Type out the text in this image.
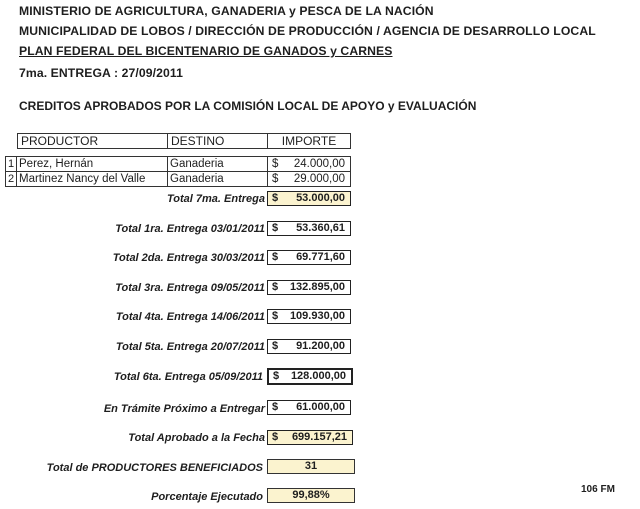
MINISTERIO DE AGRICULTURA, GANADERIA y PESCA DE LA NACIÓN
MUNICIPALIDAD DE LOBOS / DIRECCIÓN DE PRODUCCIÓN / AGENCIA DE DESARROLLO LOCAL
PLAN FEDERAL DEL BICENTENARIO DE GANADOS y CARNES
7ma. ENTREGA : 27/09/2011
CREDITOS APROBADOS POR LA COMISIÓN LOCAL DE APOYO y EVALUACIÓN
PRODUCTOR	DESTINO	IMPORTE
1 Perez, Hernán	Ganaderia	$ 24.000,00
2 Martinez Nancy del Valle	Ganaderia	$ 29.000,00
Total 7ma. Entrega $ 53.000,00
Total 1ra. Entrega 03/01/2011 $ 53.360,61
Total 2da. Entrega 30/03/2011 $ 69.771,60
Total 3ra. Entrega 09/05/2011 $ 132.895,00
Total 4ta. Entrega 14/06/2011 $ 109.930,00
Total 5ta. Entrega 20/07/2011 $ 91.200,00
Total 6ta. Entrega 05/09/2011 $ 128.000,00
En Trámite Próximo a Entregar $ 61.000,00
Total Aprobado a la Fecha $ 699.157,21
Total de PRODUCTORES BENEFICIADOS	31
Porcentaje Ejecutado	99,88%	106 FM
